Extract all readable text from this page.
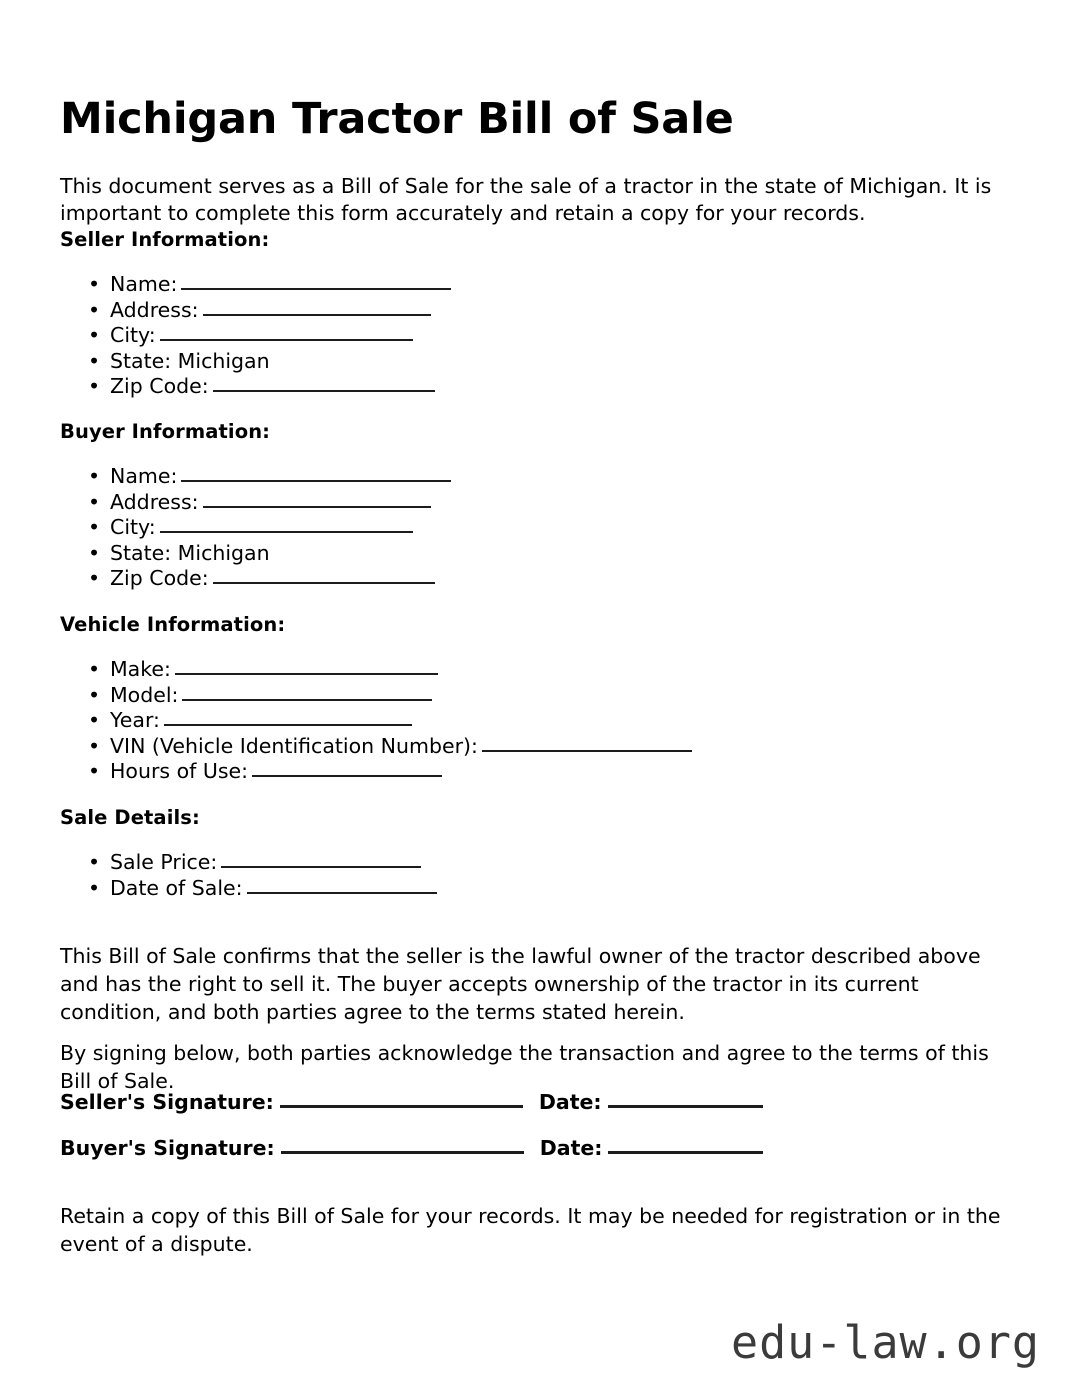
Michigan Tractor Bill of Sale

This document serves as a Bill of Sale for the sale of a tractor in the state of Michigan. It is important to complete this form accurately and retain a copy for your records.

Seller Information:
• Name:
• Address:
• City:
• State: Michigan
• Zip Code:
Buyer Information:
• Name:
• Address:
• City:
• State: Michigan
• Zip Code:
Vehicle Information:
• Make:
• Model:
• Year:
• VIN (Vehicle Identification Number):
• Hours of Use:
Sale Details:
• Sale Price:
• Date of Sale:

This Bill of Sale confirms that the seller is the lawful owner of the tractor described above and has the right to sell it. The buyer accepts ownership of the tractor in its current condition, and both parties agree to the terms stated herein.

By signing below, both parties acknowledge the transaction and agree to the terms of this Bill of Sale.

Seller's Signature:	Date:
Buyer's Signature:	Date:

Retain a copy of this Bill of Sale for your records. It may be needed for registration or in the event of a dispute.

edu-law.org
